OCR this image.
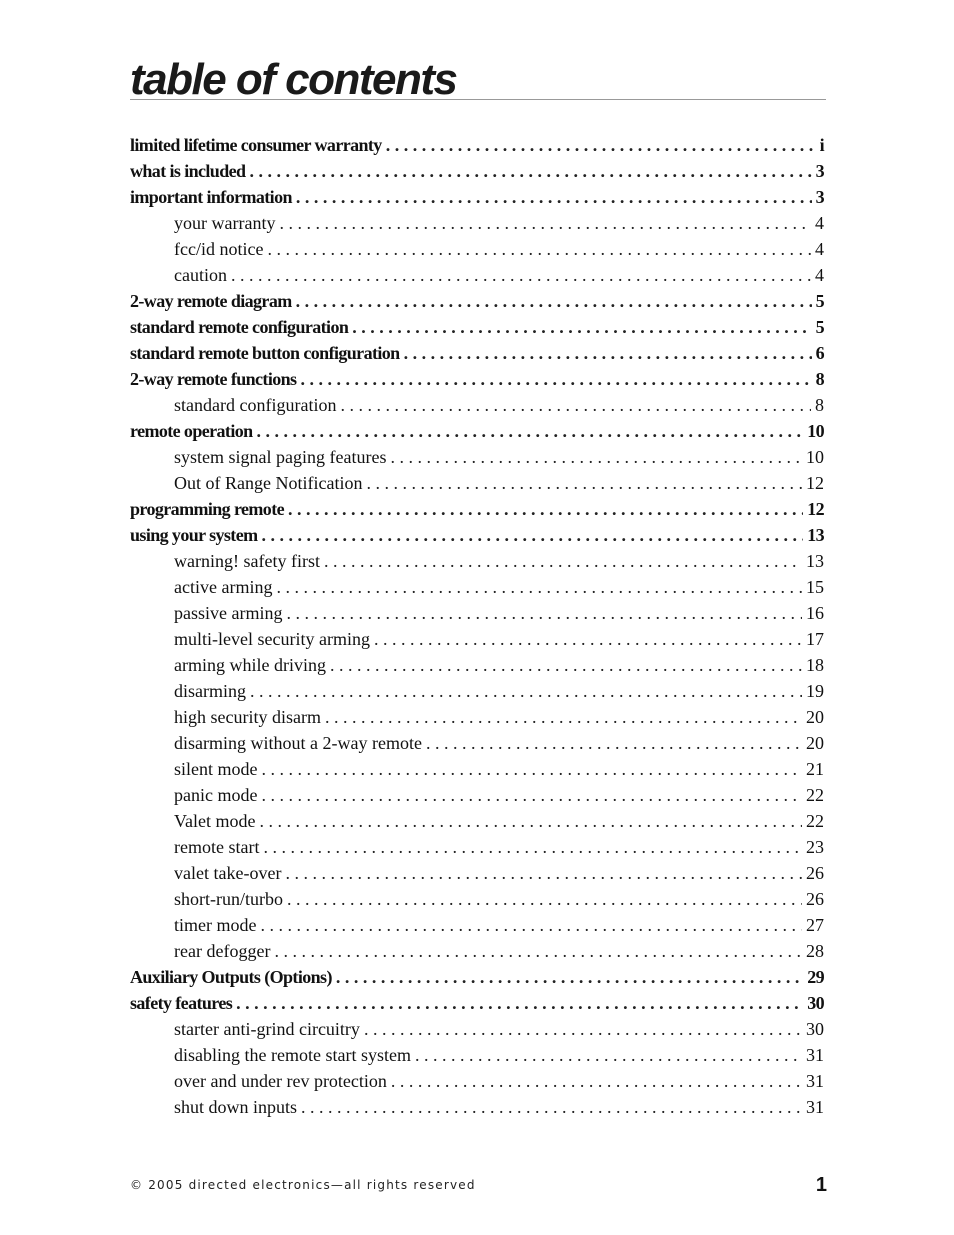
table of contents
limited lifetime consumer warranty . . .	i
what is included . . .	3
important information . . .	3
your warranty . . .	4
fcc/id notice . . .	4
caution . . .	4
2-way remote diagram . . .	5
standard remote configuration . . .	5
standard remote button configuration . . .	6
2-way remote functions . . .	8
standard configuration . . .	8
remote operation . . .	10
system signal paging features . . .	10
Out of Range Notification . . .	12
programming remote . . .	12
using your system . . .	13
warning! safety first . . .	13
active arming . . .	15
passive arming . . .	16
multi-level security arming . . .	17
arming while driving . . .	18
disarming . . .	19
high security disarm . . .	20
disarming without a 2-way remote . . .	20
silent mode . . .	21
panic mode . . .	22
Valet mode . . .	22
remote start . . .	23
valet take-over . . .	26
short-run/turbo . . .	26
timer mode . . .	27
rear defogger . . .	28
Auxiliary Outputs (Options) . . .	29
safety features . . .	30
starter anti-grind circuitry . . .	30
disabling the remote start system . . .	31
over and under rev protection . . .	31
shut down inputs . . .	31
© 2005 directed electronics—all rights reserved	1
